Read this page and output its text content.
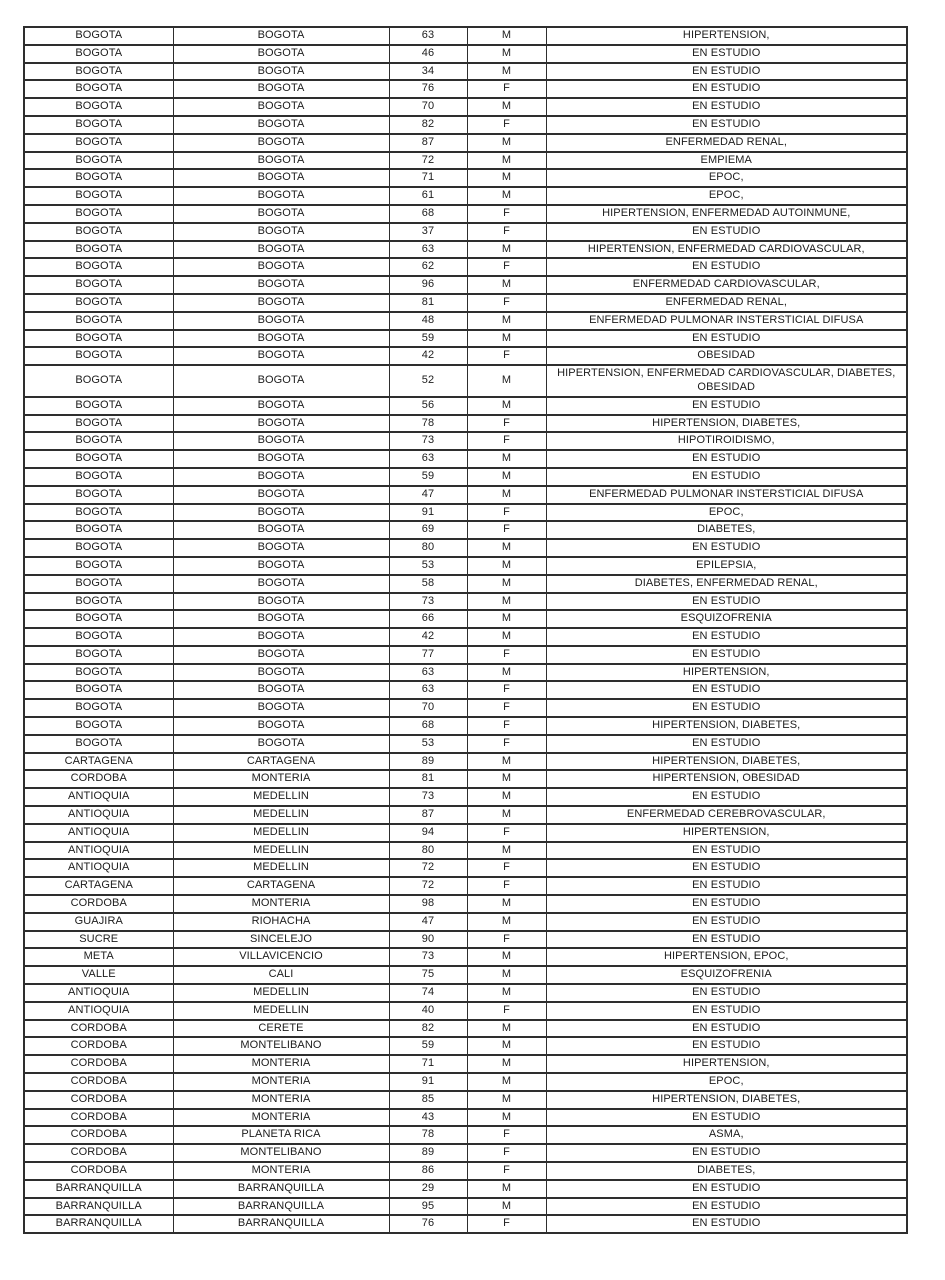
BOGOTA	BOGOTA	63	M	HIPERTENSION,
BOGOTA	BOGOTA	46	M	EN ESTUDIO
BOGOTA	BOGOTA	34	M	EN ESTUDIO
BOGOTA	BOGOTA	76	F	EN ESTUDIO
BOGOTA	BOGOTA	70	M	EN ESTUDIO
BOGOTA	BOGOTA	82	F	EN ESTUDIO
BOGOTA	BOGOTA	87	M	ENFERMEDAD RENAL,
BOGOTA	BOGOTA	72	M	EMPIEMA
BOGOTA	BOGOTA	71	M	EPOC,
BOGOTA	BOGOTA	61	M	EPOC,
BOGOTA	BOGOTA	68	F	HIPERTENSION, ENFERMEDAD AUTOINMUNE,
BOGOTA	BOGOTA	37	F	EN ESTUDIO
BOGOTA	BOGOTA	63	M	HIPERTENSION, ENFERMEDAD CARDIOVASCULAR,
BOGOTA	BOGOTA	62	F	EN ESTUDIO
BOGOTA	BOGOTA	96	M	ENFERMEDAD CARDIOVASCULAR,
BOGOTA	BOGOTA	81	F	ENFERMEDAD RENAL,
BOGOTA	BOGOTA	48	M	ENFERMEDAD PULMONAR INSTERSTICIAL DIFUSA
BOGOTA	BOGOTA	59	M	EN ESTUDIO
BOGOTA	BOGOTA	42	F	OBESIDAD
BOGOTA	BOGOTA	52	M	HIPERTENSION, ENFERMEDAD CARDIOVASCULAR, DIABETES, OBESIDAD
BOGOTA	BOGOTA	56	M	EN ESTUDIO
BOGOTA	BOGOTA	78	F	HIPERTENSION, DIABETES,
BOGOTA	BOGOTA	73	F	HIPOTIROIDISMO,
BOGOTA	BOGOTA	63	M	EN ESTUDIO
BOGOTA	BOGOTA	59	M	EN ESTUDIO
BOGOTA	BOGOTA	47	M	ENFERMEDAD PULMONAR INSTERSTICIAL DIFUSA
BOGOTA	BOGOTA	91	F	EPOC,
BOGOTA	BOGOTA	69	F	DIABETES,
BOGOTA	BOGOTA	80	M	EN ESTUDIO
BOGOTA	BOGOTA	53	M	EPILEPSIA,
BOGOTA	BOGOTA	58	M	DIABETES, ENFERMEDAD RENAL,
BOGOTA	BOGOTA	73	M	EN ESTUDIO
BOGOTA	BOGOTA	66	M	ESQUIZOFRENIA
BOGOTA	BOGOTA	42	M	EN ESTUDIO
BOGOTA	BOGOTA	77	F	EN ESTUDIO
BOGOTA	BOGOTA	63	M	HIPERTENSION,
BOGOTA	BOGOTA	63	F	EN ESTUDIO
BOGOTA	BOGOTA	70	F	EN ESTUDIO
BOGOTA	BOGOTA	68	F	HIPERTENSION, DIABETES,
BOGOTA	BOGOTA	53	F	EN ESTUDIO
CARTAGENA	CARTAGENA	89	M	HIPERTENSION, DIABETES,
CORDOBA	MONTERIA	81	M	HIPERTENSION, OBESIDAD
ANTIOQUIA	MEDELLIN	73	M	EN ESTUDIO
ANTIOQUIA	MEDELLIN	87	M	ENFERMEDAD CEREBROVASCULAR,
ANTIOQUIA	MEDELLIN	94	F	HIPERTENSION,
ANTIOQUIA	MEDELLIN	80	M	EN ESTUDIO
ANTIOQUIA	MEDELLIN	72	F	EN ESTUDIO
CARTAGENA	CARTAGENA	72	F	EN ESTUDIO
CORDOBA	MONTERIA	98	M	EN ESTUDIO
GUAJIRA	RIOHACHA	47	M	EN ESTUDIO
SUCRE	SINCELEJO	90	F	EN ESTUDIO
META	VILLAVICENCIO	73	M	HIPERTENSION, EPOC,
VALLE	CALI	75	M	ESQUIZOFRENIA
ANTIOQUIA	MEDELLIN	74	M	EN ESTUDIO
ANTIOQUIA	MEDELLIN	40	F	EN ESTUDIO
CORDOBA	CERETE	82	M	EN ESTUDIO
CORDOBA	MONTELIBANO	59	M	EN ESTUDIO
CORDOBA	MONTERIA	71	M	HIPERTENSION,
CORDOBA	MONTERIA	91	M	EPOC,
CORDOBA	MONTERIA	85	M	HIPERTENSION, DIABETES,
CORDOBA	MONTERIA	43	M	EN ESTUDIO
CORDOBA	PLANETA RICA	78	F	ASMA,
CORDOBA	MONTELIBANO	89	F	EN ESTUDIO
CORDOBA	MONTERIA	86	F	DIABETES,
BARRANQUILLA	BARRANQUILLA	29	M	EN ESTUDIO
BARRANQUILLA	BARRANQUILLA	95	M	EN ESTUDIO
BARRANQUILLA	BARRANQUILLA	76	F	EN ESTUDIO
